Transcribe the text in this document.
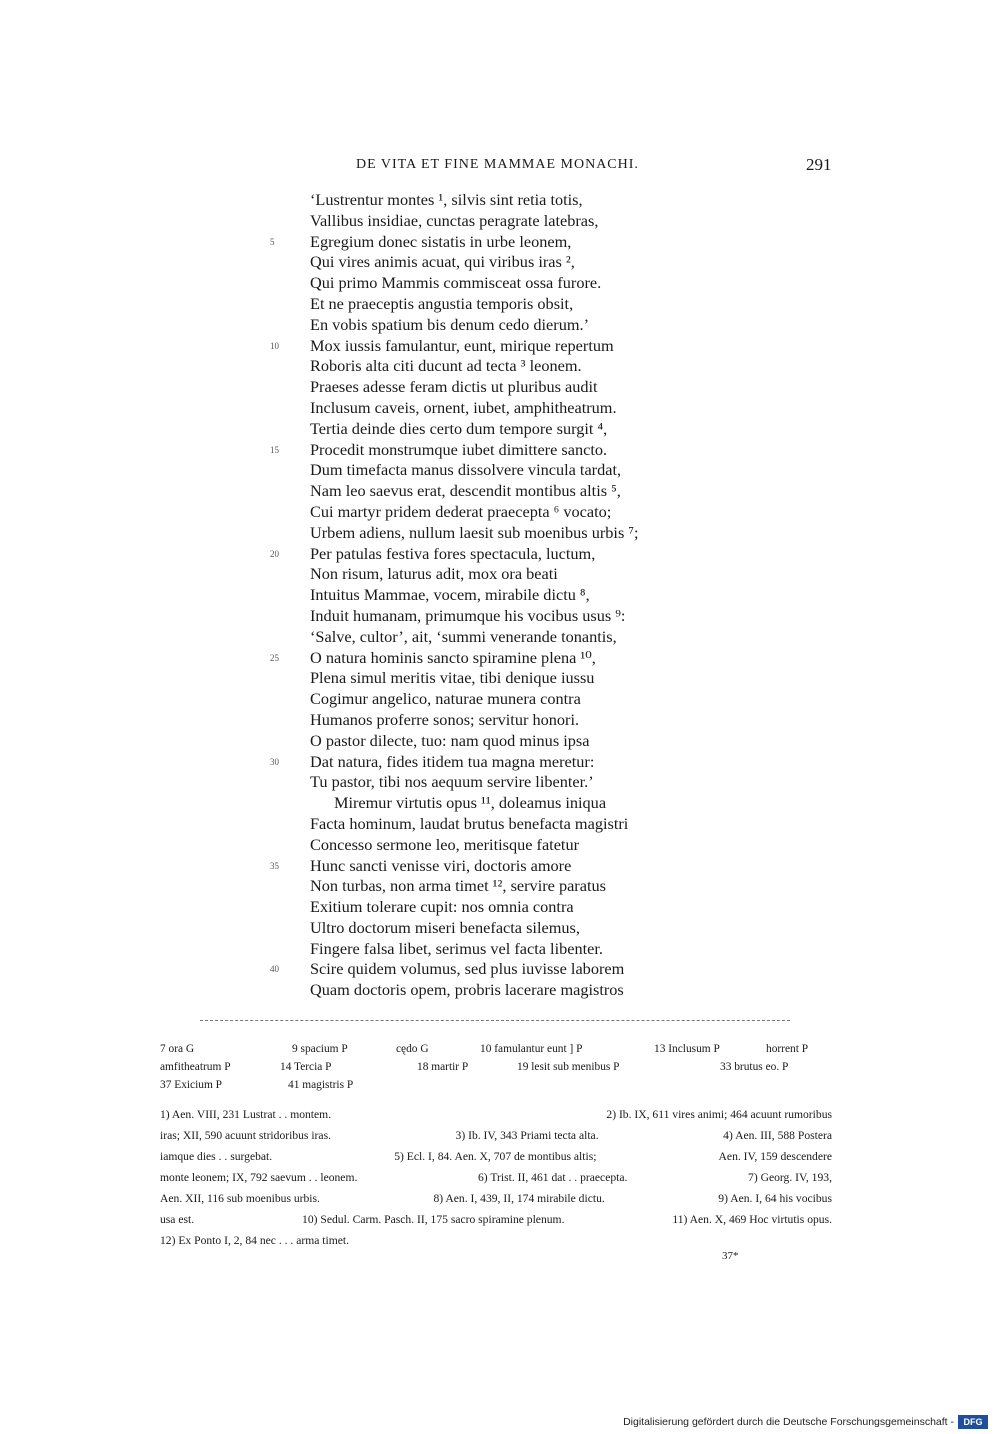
DE VITA ET FINE MAMMAE MONACHI.	291
‘Lustrentur montes ¹, silvis sint retia totis,
Vallibus insidiae, cunctas peragrate latebras,
5	Egregium donec sistatis in urbe leonem,
Qui vires animis acuat, qui viribus iras ²,
Qui primo Mammis commisceat ossa furore.
Et ne praeceptis angustia temporis obsit,
En vobis spatium bis denum cedo dierum.’
10	Mox iussis famulantur, eunt, mirique repertum
Roboris alta citi ducunt ad tecta ³ leonem.
Praeses adesse feram dictis ut pluribus audit
Inclusum caveis, ornent, iubet, amphitheatrum.
Tertia deinde dies certo dum tempore surgit ⁴,
15	Procedit monstrumque iubet dimittere sancto.
Dum timefacta manus dissolvere vincula tardat,
Nam leo saevus erat, descendit montibus altis ⁵,
Cui martyr pridem dederat praecepta ⁶ vocato;
Urbem adiens, nullum laesit sub moenibus urbis ⁷;
20	Per patulas festiva fores spectacula, luctum,
Non risum, laturus adit, mox ora beati
Intuitus Mammae, vocem, mirabile dictu ⁸,
Induit humanam, primumque his vocibus usus ⁹:
‘Salve, cultor’, ait, ‘summi venerande tonantis,
25	O natura hominis sancto spiramine plena ¹⁰,
Plena simul meritis vitae, tibi denique iussu
Cogimur angelico, naturae munera contra
Humanos proferre sonos; servitur honori.
O pastor dilecte, tuo: nam quod minus ipsa
30	Dat natura, fides itidem tua magna meretur:
Tu pastor, tibi nos aequum servire libenter.’
Miremur virtutis opus ¹¹, doleamus iniqua
Facta hominum, laudat brutus benefacta magistri
Concesso sermone leo, meritisque fatetur
35	Hunc sancti venisse viri, doctoris amore
Non turbas, non arma timet ¹², servire paratus
Exitium tolerare cupit: nos omnia contra
Ultro doctorum miseri benefacta silemus,
Fingere falsa libet, serimus vel facta libenter.
40	Scire quidem volumus, sed plus iuvisse laborem
Quam doctoris opem, probris lacerare magistros
7 ora G	9 spacium P	cędo G	10 famulantur eunt ] P	13 Inclusum P	horrent P
amfitheatrum P	14 Tercia P	18 martir P	19 lesit sub menibus P	33 brutus eo. P
37 Exicium P	41 magistris P
1) Aen. VIII, 231 Lustrat . . montem.	2) Ib. IX, 611 vires animi; 464 acuunt rumoribus
iras; XII, 590 acuunt stridoribus iras.	3) Ib. IV, 343 Priami tecta alta.	4) Aen. III, 588 Postera
iamque dies . . surgebat.	5) Ecl. I, 84. Aen. X, 707 de montibus altis;	Aen. IV, 159 descendere
monte leonem; IX, 792 saevum . . leonem.	6) Trist. II, 461 dat . . praecepta.	7) Georg. IV, 193,
Aen. XII, 116 sub moenibus urbis.	8) Aen. I, 439, II, 174 mirabile dictu.	9) Aen. I, 64 his vocibus
usa est.	10) Sedul. Carm. Pasch. II, 175 sacro spiramine plenum.	11) Aen. X, 469 Hoc virtutis opus.
12) Ex Ponto I, 2, 84 nec . . . arma timet.
37*
Digitalisierung gefördert durch die Deutsche Forschungsgemeinschaft -	DFG
